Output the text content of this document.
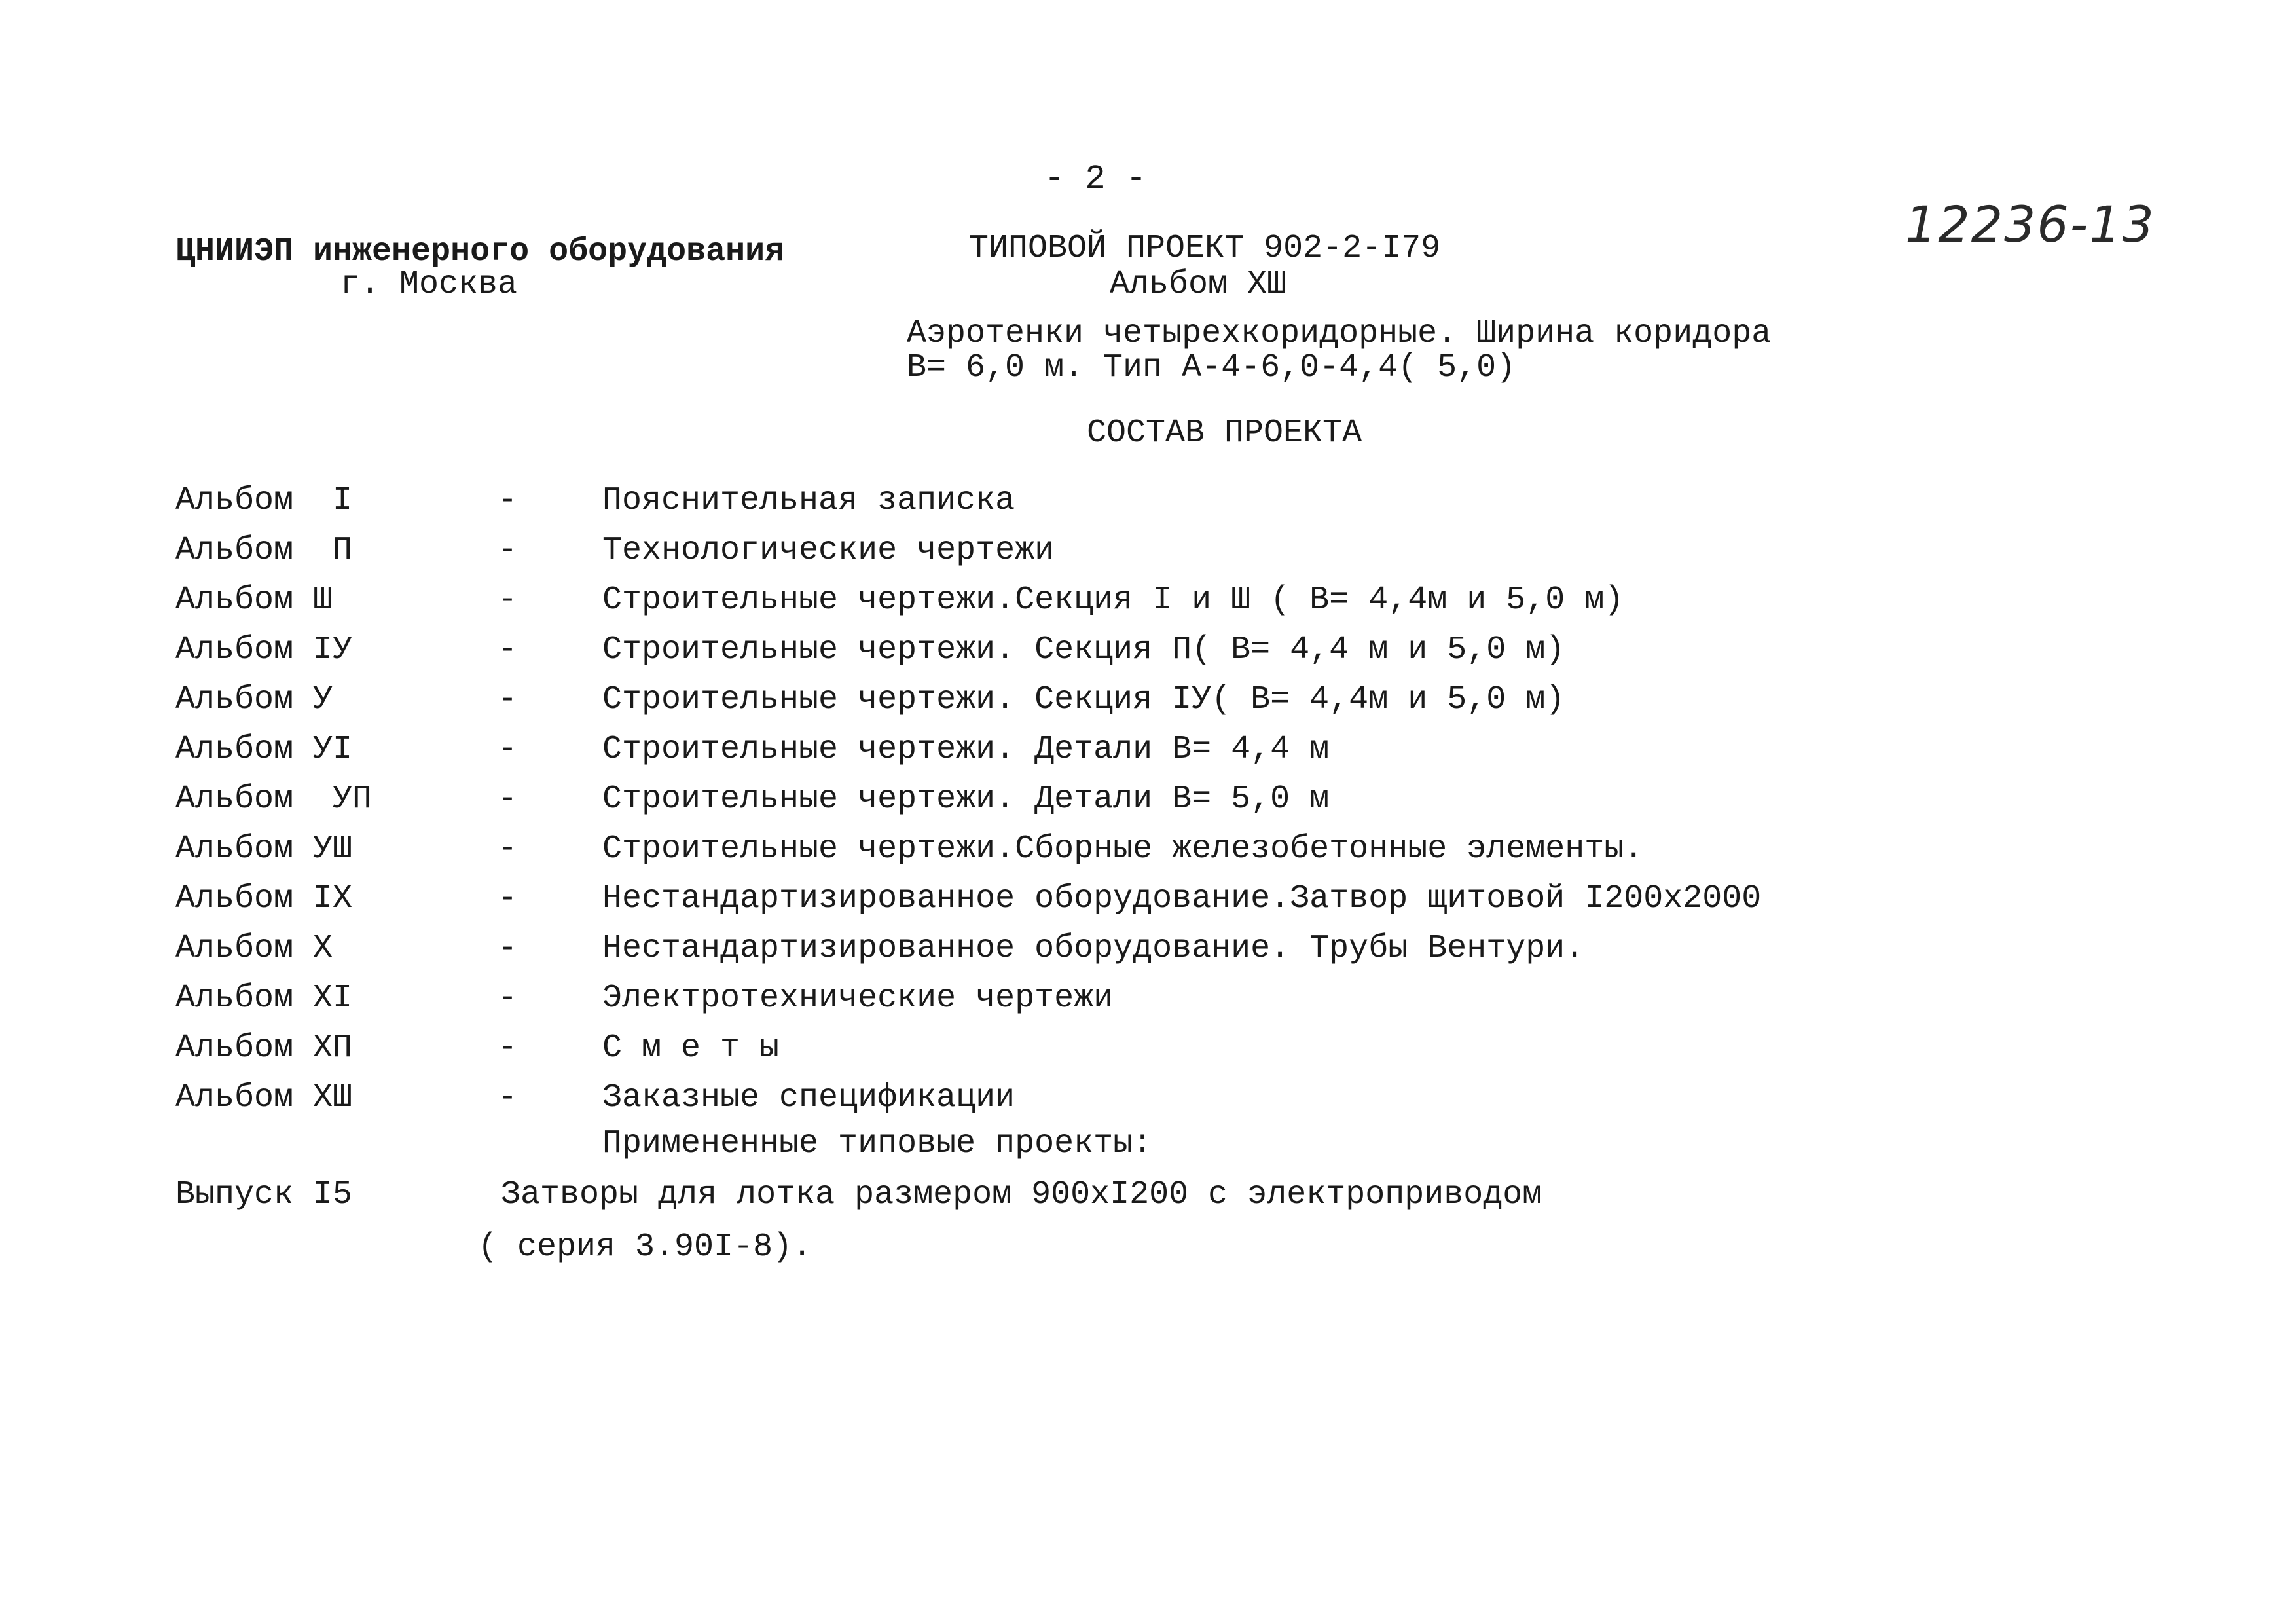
- 2 -
12236-13
ЦНИИЭП инженерного оборудования
г. Москва
ТИПОВОЙ ПРОЕКТ 902-2-I79
Альбом XШ
Аэротенки четырехкоридорные. Ширина коридора
В= 6,0 м. Тип А-4-6,0-4,4( 5,0)
СОСТАВ ПРОЕКТА
Альбом  I	-	Пояснительная записка
Альбом  П	-	Технологические чертежи
Альбом Ш	-	Строительные чертежи.Секция I и Ш ( В= 4,4м и 5,0 м)
Альбом IУ	-	Строительные чертежи. Секция П( В= 4,4 м и 5,0 м)
Альбом У	-	Строительные чертежи. Секция IУ( В= 4,4м и 5,0 м)
Альбом УI	-	Строительные чертежи. Детали В= 4,4 м
Альбом  УП	-	Строительные чертежи. Детали В= 5,0 м
Альбом УШ	-	Строительные чертежи.Сборные железобетонные элементы.
Альбом IX	-	Нестандартизированное оборудование.Затвор щитовой I200х2000
Альбом X	-	Нестандартизированное оборудование. Трубы Вентури.
Альбом XI	-	Электротехнические чертежи
Альбом XП	-	С м е т ы
Альбом XШ	-	Заказные спецификации
Примененные типовые проекты:
Выпуск I5	Затворы для лотка размером 900хI200 с электроприводом
( серия 3.90I-8).
